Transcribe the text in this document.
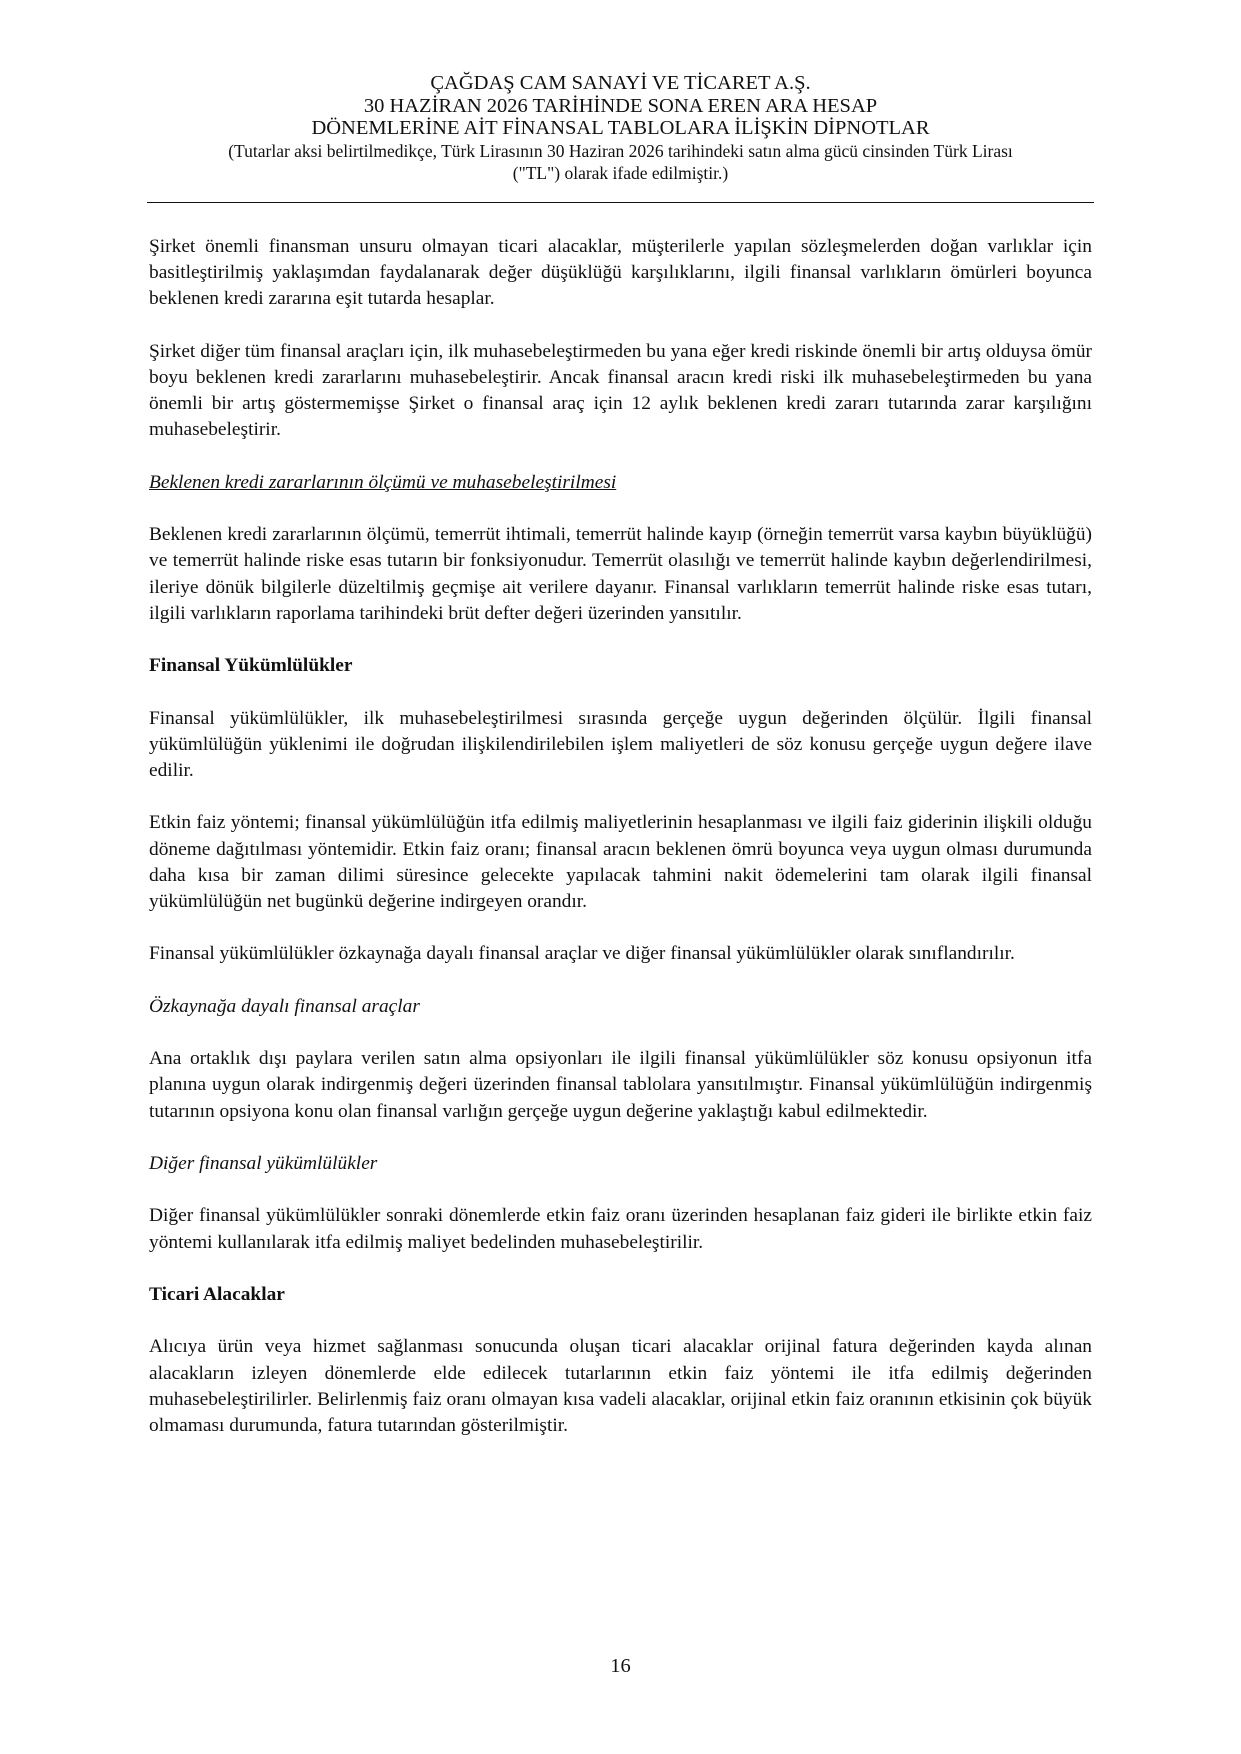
ÇAĞDAŞ CAM SANAYİ VE TİCARET A.Ş.
30 HAZİRAN 2026 TARİHİNDE SONA EREN ARA HESAP
DÖNEMLERİNE AİT FİNANSAL TABLOLARA İLİŞKİN DİPNOTLAR
(Tutarlar aksi belirtilmedikçe, Türk Lirasının 30 Haziran 2026 tarihindeki satın alma gücü cinsinden Türk Lirası
("TL") olarak ifade edilmiştir.)

Şirket önemli finansman unsuru olmayan ticari alacaklar, müşterilerle yapılan sözleşmelerden doğan varlıklar için basitleştirilmiş yaklaşımdan faydalanarak değer düşüklüğü karşılıklarını, ilgili finansal varlıkların ömürleri boyunca beklenen kredi zararına eşit tutarda hesaplar.

Şirket diğer tüm finansal araçları için, ilk muhasebeleştirmeden bu yana eğer kredi riskinde önemli bir artış olduysa ömür boyu beklenen kredi zararlarını muhasebeleştirir. Ancak finansal aracın kredi riski ilk muhasebeleştirmeden bu yana önemli bir artış göstermemişse Şirket o finansal araç için 12 aylık beklenen kredi zararı tutarında zarar karşılığını muhasebeleştirir.

Beklenen kredi zararlarının ölçümü ve muhasebeleştirilmesi

Beklenen kredi zararlarının ölçümü, temerrüt ihtimali, temerrüt halinde kayıp (örneğin temerrüt varsa kaybın büyüklüğü) ve temerrüt halinde riske esas tutarın bir fonksiyonudur. Temerrüt olasılığı ve temerrüt halinde kaybın değerlendirilmesi, ileriye dönük bilgilerle düzeltilmiş geçmişe ait verilere dayanır. Finansal varlıkların temerrüt halinde riske esas tutarı, ilgili varlıkların raporlama tarihindeki brüt defter değeri üzerinden yansıtılır.

Finansal Yükümlülükler

Finansal yükümlülükler, ilk muhasebeleştirilmesi sırasında gerçeğe uygun değerinden ölçülür. İlgili finansal yükümlülüğün yüklenimi ile doğrudan ilişkilendirilebilen işlem maliyetleri de söz konusu gerçeğe uygun değere ilave edilir.

Etkin faiz yöntemi; finansal yükümlülüğün itfa edilmiş maliyetlerinin hesaplanması ve ilgili faiz giderinin ilişkili olduğu döneme dağıtılması yöntemidir. Etkin faiz oranı; finansal aracın beklenen ömrü boyunca veya uygun olması durumunda daha kısa bir zaman dilimi süresince gelecekte yapılacak tahmini nakit ödemelerini tam olarak ilgili finansal yükümlülüğün net bugünkü değerine indirgeyen orandır.

Finansal yükümlülükler özkaynağa dayalı finansal araçlar ve diğer finansal yükümlülükler olarak sınıflandırılır.

Özkaynağa dayalı finansal araçlar

Ana ortaklık dışı paylara verilen satın alma opsiyonları ile ilgili finansal yükümlülükler söz konusu opsiyonun itfa planına uygun olarak indirgenmiş değeri üzerinden finansal tablolara yansıtılmıştır. Finansal yükümlülüğün indirgenmiş tutarının opsiyona konu olan finansal varlığın gerçeğe uygun değerine yaklaştığı kabul edilmektedir.

Diğer finansal yükümlülükler

Diğer finansal yükümlülükler sonraki dönemlerde etkin faiz oranı üzerinden hesaplanan faiz gideri ile birlikte etkin faiz yöntemi kullanılarak itfa edilmiş maliyet bedelinden muhasebeleştirilir.

Ticari Alacaklar

Alıcıya ürün veya hizmet sağlanması sonucunda oluşan ticari alacaklar orijinal fatura değerinden kayda alınan alacakların izleyen dönemlerde elde edilecek tutarlarının etkin faiz yöntemi ile itfa edilmiş değerinden muhasebeleştirilirler. Belirlenmiş faiz oranı olmayan kısa vadeli alacaklar, orijinal etkin faiz oranının etkisinin çok büyük olmaması durumunda, fatura tutarından gösterilmiştir.

16
